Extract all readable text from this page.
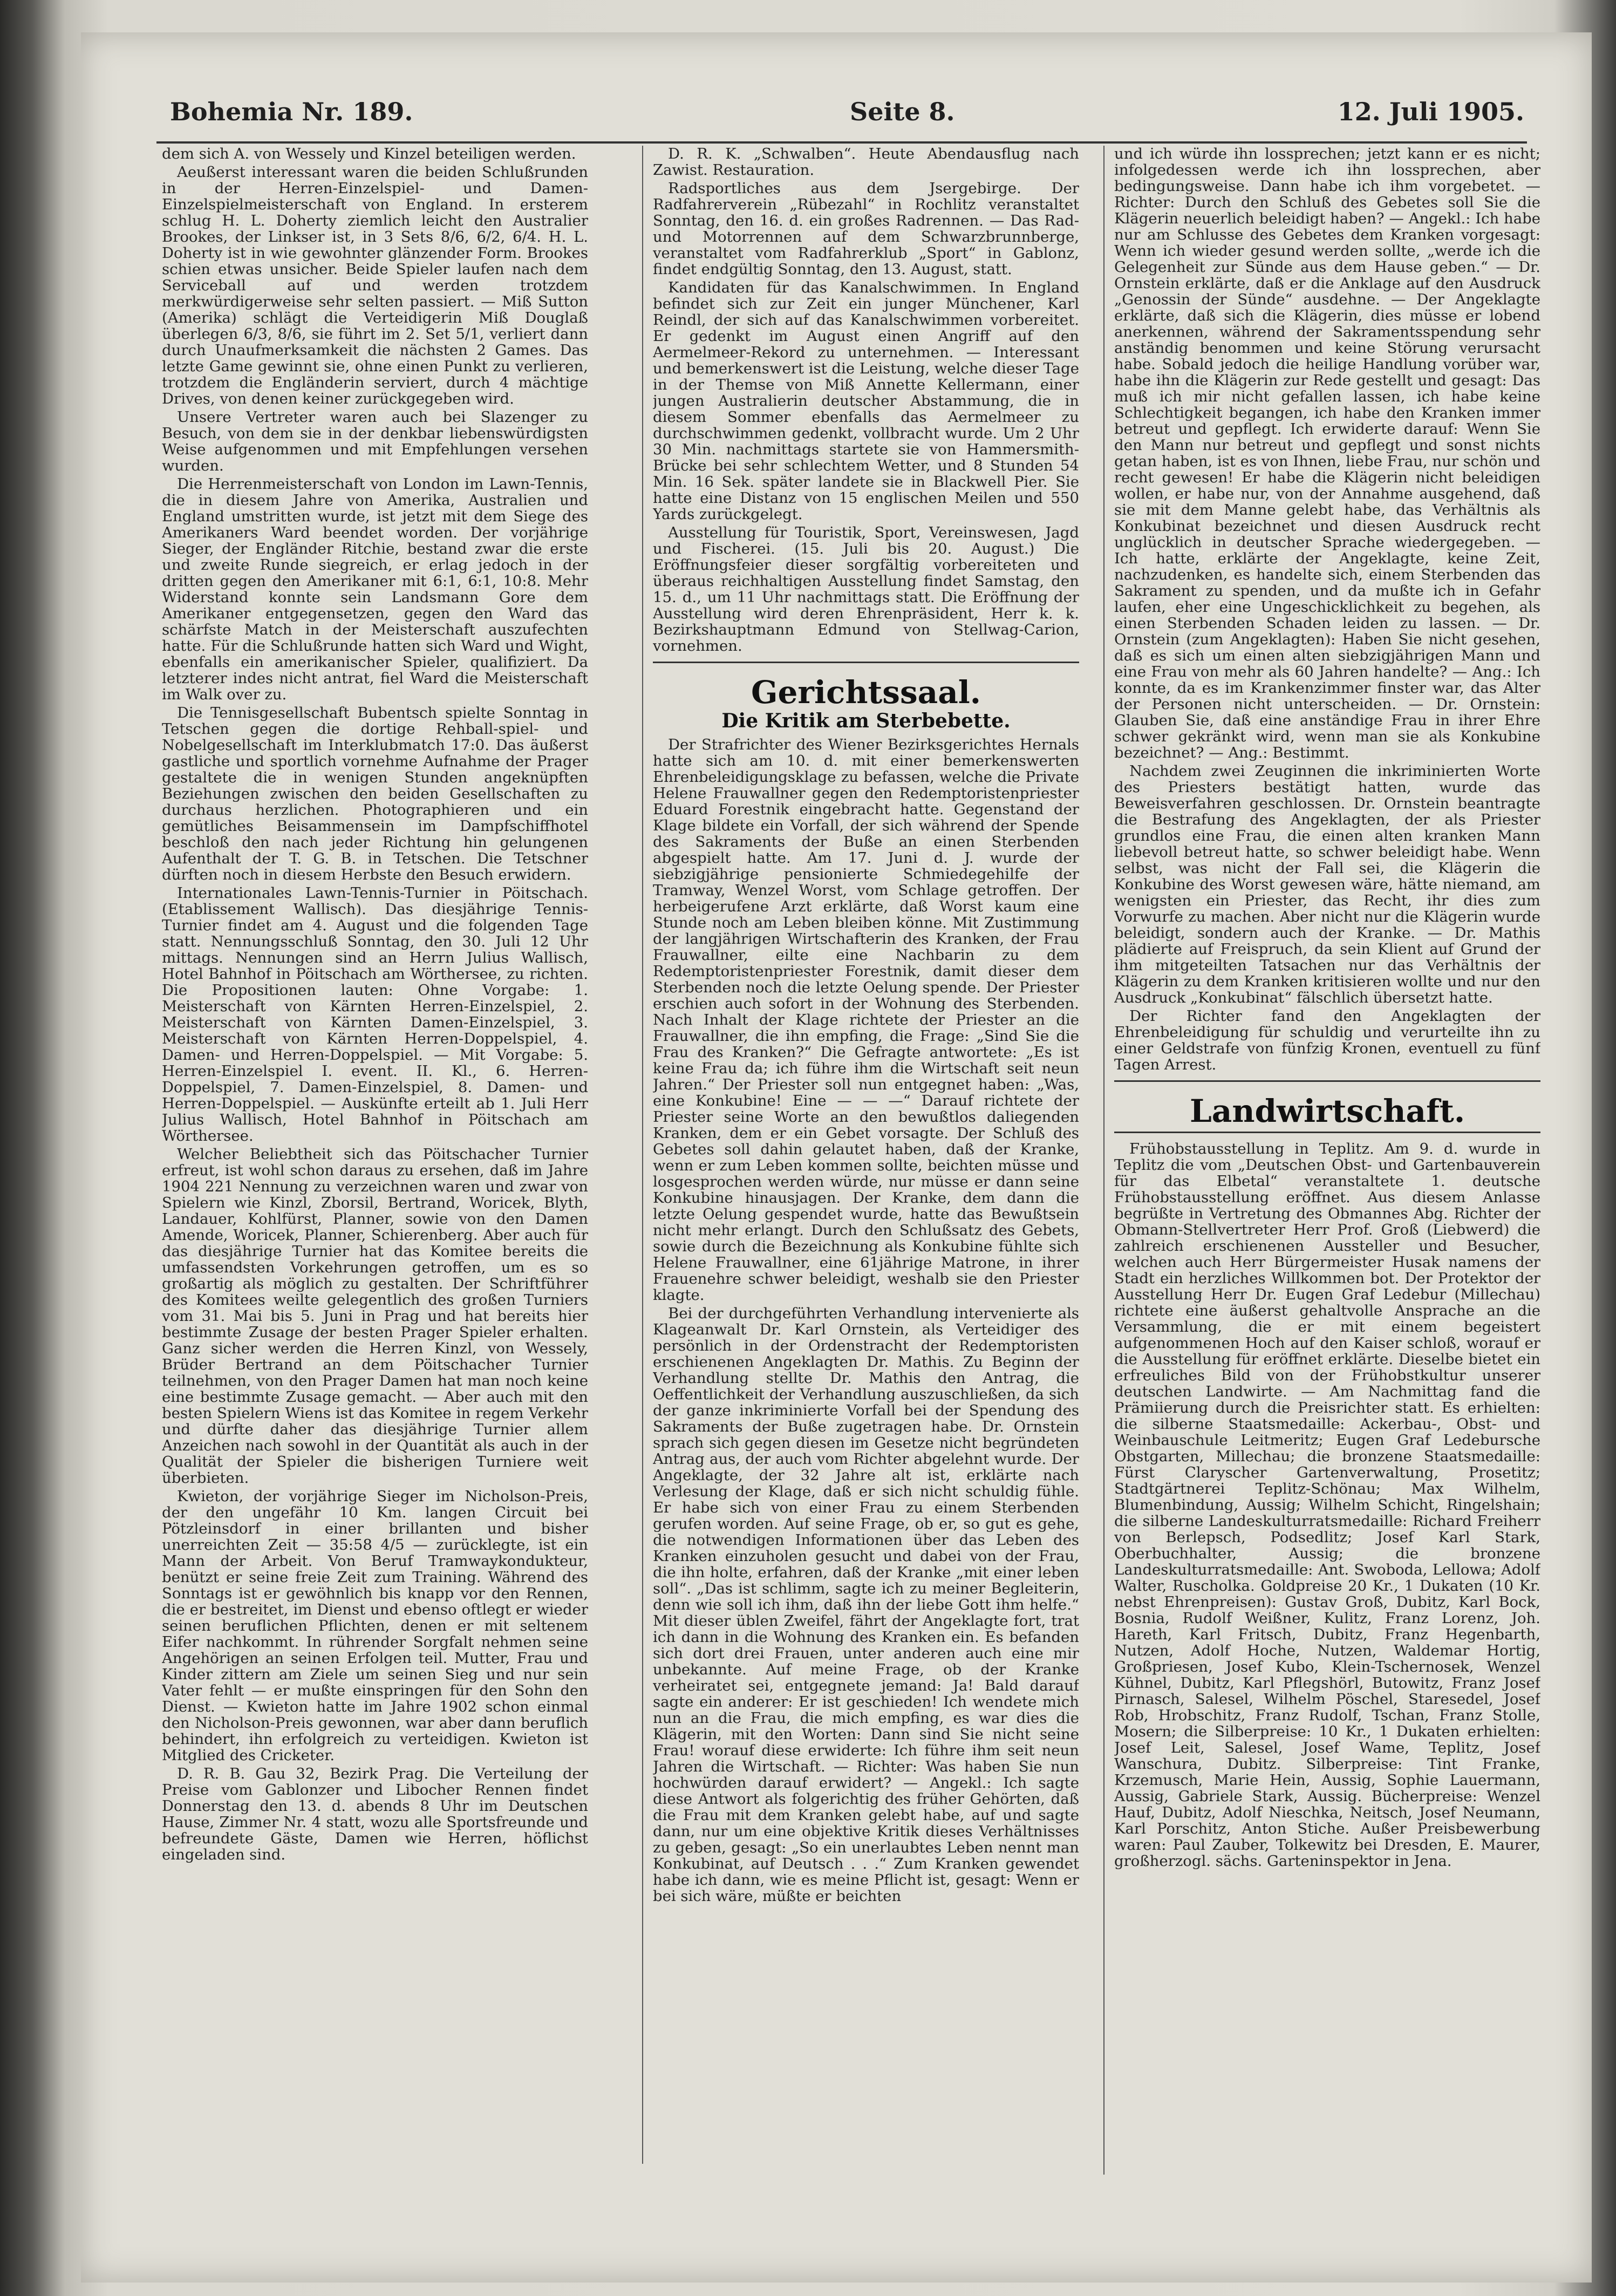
Bohemia Nr. 189.	Seite 8.	12. Juli 1905.

dem sich A. von Wessely und Kinzel beteiligen werden.

Aeußerst interessant waren die beiden Schlußrunden in der Herren-Einzelspiel- und Damen-Einzelspielmeisterschaft von England. In ersterem schlug H. L. Doherty ziemlich leicht den Australier Brookes, der Linkser ist, in 3 Sets 8/6, 6/2, 6/4. H. L. Doherty ist in wie gewohnter glänzender Form. Brookes schien etwas unsicher. Beide Spieler laufen nach dem Serviceball auf und werden trotzdem merkwürdigerweise sehr selten passiert. — Miß Sutton (Amerika) schlägt die Verteidigerin Miß Douglaß überlegen 6/3, 8/6, sie führt im 2. Set 5/1, verliert dann durch Unaufmerksamkeit die nächsten 2 Games. Das letzte Game gewinnt sie, ohne einen Punkt zu verlieren, trotzdem die Engländerin serviert, durch 4 mächtige Drives, von denen keiner zurückgegeben wird.

Unsere Vertreter waren auch bei Slazenger zu Besuch, von dem sie in der denkbar liebenswürdigsten Weise aufgenommen und mit Empfehlungen versehen wurden.

Die Herrenmeisterschaft von London im Lawn-Tennis, die in diesem Jahre von Amerika, Australien und England umstritten wurde, ist jetzt mit dem Siege des Amerikaners Ward beendet worden. Der vorjährige Sieger, der Engländer Ritchie, bestand zwar die erste und zweite Runde siegreich, er erlag jedoch in der dritten gegen den Amerikaner mit 6:1, 6:1, 10:8. Mehr Widerstand konnte sein Landsmann Gore dem Amerikaner entgegensetzen, gegen den Ward das schärfste Match in der Meisterschaft auszufechten hatte. Für die Schlußrunde hatten sich Ward und Wight, ebenfalls ein amerikanischer Spieler, qualifiziert. Da letzterer indes nicht antrat, fiel Ward die Meisterschaft im Walk over zu.

Die Tennisgesellschaft Bubentsch spielte Sonntag in Tetschen gegen die dortige Rehball-spiel- und Nobelgesellschaft im Interklubmatch 17:0. Das äußerst gastliche und sportlich vornehme Aufnahme der Prager gestaltete die in wenigen Stunden angeknüpften Beziehungen zwischen den beiden Gesellschaften zu durchaus herzlichen. Photographieren und ein gemütliches Beisammensein im Dampfschiffhotel beschloß den nach jeder Richtung hin gelungenen Aufenthalt der T. G. B. in Tetschen. Die Tetschner dürften noch in diesem Herbste den Besuch erwidern.

Internationales Lawn-Tennis-Turnier in Pöitschach. (Etablissement Wallisch). Das diesjährige Tennis-Turnier findet am 4. August und die folgenden Tage statt. Nennungsschluß Sonntag, den 30. Juli 12 Uhr mittags. Nennungen sind an Herrn Julius Wallisch, Hotel Bahnhof in Pöitschach am Wörthersee, zu richten. Die Propositionen lauten: Ohne Vorgabe: 1. Meisterschaft von Kärnten Herren-Einzelspiel, 2. Meisterschaft von Kärnten Damen-Einzelspiel, 3. Meisterschaft von Kärnten Herren-Doppelspiel, 4. Damen- und Herren-Doppelspiel. — Mit Vorgabe: 5. Herren-Einzelspiel I. event. II. Kl., 6. Herren-Doppelspiel, 7. Damen-Einzelspiel, 8. Damen- und Herren-Doppelspiel. — Auskünfte erteilt ab 1. Juli Herr Julius Wallisch, Hotel Bahnhof in Pöitschach am Wörthersee.

Welcher Beliebtheit sich das Pöitschacher Turnier erfreut, ist wohl schon daraus zu ersehen, daß im Jahre 1904 221 Nennung zu verzeichnen waren und zwar von Spielern wie Kinzl, Zborsil, Bertrand, Woricek, Blyth, Landauer, Kohlfürst, Planner, sowie von den Damen Amende, Woricek, Planner, Schierenberg. Aber auch für das diesjährige Turnier hat das Komitee bereits die umfassendsten Vorkehrungen getroffen, um es so großartig als möglich zu gestalten. Der Schriftführer des Komitees weilte gelegentlich des großen Turniers vom 31. Mai bis 5. Juni in Prag und hat bereits hier bestimmte Zusage der besten Prager Spieler erhalten. Ganz sicher werden die Herren Kinzl, von Wessely, Brüder Bertrand an dem Pöitschacher Turnier teilnehmen, von den Prager Damen hat man noch keine eine bestimmte Zusage gemacht. — Aber auch mit den besten Spielern Wiens ist das Komitee in regem Verkehr und dürfte daher das diesjährige Turnier allem Anzeichen nach sowohl in der Quantität als auch in der Qualität der Spieler die bisherigen Turniere weit überbieten.

Kwieton, der vorjährige Sieger im Nicholson-Preis, der den ungefähr 10 Km. langen Circuit bei Pötzleinsdorf in einer brillanten und bisher unerreichten Zeit — 35:58 4/5 — zurücklegte, ist ein Mann der Arbeit. Von Beruf Tramwaykondukteur, benützt er seine freie Zeit zum Training. Während des Sonntags ist er gewöhnlich bis knapp vor den Rennen, die er bestreitet, im Dienst und ebenso oftlegt er wieder seinen beruflichen Pflichten, denen er mit seltenem Eifer nachkommt. In rührender Sorgfalt nehmen seine Angehörigen an seinen Erfolgen teil. Mutter, Frau und Kinder zittern am Ziele um seinen Sieg und nur sein Vater fehlt — er mußte einspringen für den Sohn den Dienst. — Kwieton hatte im Jahre 1902 schon einmal den Nicholson-Preis gewonnen, war aber dann beruflich behindert, ihn erfolgreich zu verteidigen. Kwieton ist Mitglied des Cricketer.

D. R. B. Gau 32, Bezirk Prag. Die Verteilung der Preise vom Gablonzer und Libocher Rennen findet Donnerstag den 13. d. abends 8 Uhr im Deutschen Hause, Zimmer Nr. 4 statt, wozu alle Sportsfreunde und befreundete Gäste, Damen wie Herren, höflichst eingeladen sind.

D. R. K. „Schwalben“. Heute Abendausflug nach Zawist. Restauration.

Radsportliches aus dem Jsergebirge. Der Radfahrerverein „Rübezahl“ in Rochlitz veranstaltet Sonntag, den 16. d. ein großes Radrennen. — Das Rad- und Motorrennen auf dem Schwarzbrunnberge, veranstaltet vom Radfahrerklub „Sport“ in Gablonz, findet endgültig Sonntag, den 13. August, statt.

Kandidaten für das Kanalschwimmen. In England befindet sich zur Zeit ein junger Münchener, Karl Reindl, der sich auf das Kanalschwimmen vorbereitet. Er gedenkt im August einen Angriff auf den Aermelmeer-Rekord zu unternehmen. — Interessant und bemerkenswert ist die Leistung, welche dieser Tage in der Themse von Miß Annette Kellermann, einer jungen Australierin deutscher Abstammung, die in diesem Sommer ebenfalls das Aermelmeer zu durchschwimmen gedenkt, vollbracht wurde. Um 2 Uhr 30 Min. nachmittags startete sie von Hammersmith-Brücke bei sehr schlechtem Wetter, und 8 Stunden 54 Min. 16 Sek. später landete sie in Blackwell Pier. Sie hatte eine Distanz von 15 englischen Meilen und 550 Yards zurückgelegt.

Ausstellung für Touristik, Sport, Vereinswesen, Jagd und Fischerei. (15. Juli bis 20. August.) Die Eröffnungsfeier dieser sorgfältig vorbereiteten und überaus reichhaltigen Ausstellung findet Samstag, den 15. d., um 11 Uhr nachmittags statt. Die Eröffnung der Ausstellung wird deren Ehrenpräsident, Herr k. k. Bezirkshauptmann Edmund von Stellwag-Carion, vornehmen.

Gerichtssaal.
Die Kritik am Sterbebette.

Der Strafrichter des Wiener Bezirksgerichtes Hernals hatte sich am 10. d. mit einer bemerkenswerten Ehrenbeleidigungsklage zu befassen, welche die Private Helene Frauwallner gegen den Redemptoristenpriester Eduard Forestnik eingebracht hatte. Gegenstand der Klage bildete ein Vorfall, der sich während der Spende des Sakraments der Buße an einen Sterbenden abgespielt hatte. Am 17. Juni d. J. wurde der siebzigjährige pensionierte Schmiedegehilfe der Tramway, Wenzel Worst, vom Schlage getroffen. Der herbeigerufene Arzt erklärte, daß Worst kaum eine Stunde noch am Leben bleiben könne. Mit Zustimmung der langjährigen Wirtschafterin des Kranken, der Frau Frauwallner, eilte eine Nachbarin zu dem Redemptoristenpriester Forestnik, damit dieser dem Sterbenden noch die letzte Oelung spende. Der Priester erschien auch sofort in der Wohnung des Sterbenden. Nach Inhalt der Klage richtete der Priester an die Frauwallner, die ihn empfing, die Frage: „Sind Sie die Frau des Kranken?“ Die Gefragte antwortete: „Es ist keine Frau da; ich führe ihm die Wirtschaft seit neun Jahren.“ Der Priester soll nun entgegnet haben: „Was, eine Konkubine! Eine — — —“ Darauf richtete der Priester seine Worte an den bewußtlos daliegenden Kranken, dem er ein Gebet vorsagte. Der Schluß des Gebetes soll dahin gelautet haben, daß der Kranke, wenn er zum Leben kommen sollte, beichten müsse und losgesprochen werden würde, nur müsse er dann seine Konkubine hinausjagen. Der Kranke, dem dann die letzte Oelung gespendet wurde, hatte das Bewußtsein nicht mehr erlangt. Durch den Schlußsatz des Gebets, sowie durch die Bezeichnung als Konkubine fühlte sich Helene Frauwallner, eine 61jährige Matrone, in ihrer Frauenehre schwer beleidigt, weshalb sie den Priester klagte.

Bei der durchgeführten Verhandlung intervenierte als Klageanwalt Dr. Karl Ornstein, als Verteidiger des persönlich in der Ordenstracht der Redemptoristen erschienenen Angeklagten Dr. Mathis. Zu Beginn der Verhandlung stellte Dr. Mathis den Antrag, die Oeffentlichkeit der Verhandlung auszuschließen, da sich der ganze inkriminierte Vorfall bei der Spendung des Sakraments der Buße zugetragen habe. Dr. Ornstein sprach sich gegen diesen im Gesetze nicht begründeten Antrag aus, der auch vom Richter abgelehnt wurde. Der Angeklagte, der 32 Jahre alt ist, erklärte nach Verlesung der Klage, daß er sich nicht schuldig fühle. Er habe sich von einer Frau zu einem Sterbenden gerufen worden. Auf seine Frage, ob er, so gut es gehe, die notwendigen Informationen über das Leben des Kranken einzuholen gesucht und dabei von der Frau, die ihn holte, erfahren, daß der Kranke „mit einer leben soll“. „Das ist schlimm, sagte ich zu meiner Begleiterin, denn wie soll ich ihm, daß ihn der liebe Gott ihm helfe.“ Mit dieser üblen Zweifel, fährt der Angeklagte fort, trat ich dann in die Wohnung des Kranken ein. Es befanden sich dort drei Frauen, unter anderen auch eine mir unbekannte. Auf meine Frage, ob der Kranke verheiratet sei, entgegnete jemand: Ja! Bald darauf sagte ein anderer: Er ist geschieden! Ich wendete mich nun an die Frau, die mich empfing, es war dies die Klägerin, mit den Worten: Dann sind Sie nicht seine Frau! worauf diese erwiderte: Ich führe ihm seit neun Jahren die Wirtschaft. — Richter: Was haben Sie nun hochwürden darauf erwidert? — Angekl.: Ich sagte diese Antwort als folgerichtig des früher Gehörten, daß die Frau mit dem Kranken gelebt habe, auf und sagte dann, nur um eine objektive Kritik dieses Verhältnisses zu geben, gesagt: „So ein unerlaubtes Leben nennt man Konkubinat, auf Deutsch . . .“ Zum Kranken gewendet habe ich dann, wie es meine Pflicht ist, gesagt: Wenn er bei sich wäre, müßte er beichten

und ich würde ihn lossprechen; jetzt kann er es nicht; infolgedessen werde ich ihn lossprechen, aber bedingungsweise. Dann habe ich ihm vorgebetet. — Richter: Durch den Schluß des Gebetes soll Sie die Klägerin neuerlich beleidigt haben? — Angekl.: Ich habe nur am Schlusse des Gebetes dem Kranken vorgesagt: Wenn ich wieder gesund werden sollte, „werde ich die Gelegenheit zur Sünde aus dem Hause geben.“ — Dr. Ornstein erklärte, daß er die Anklage auf den Ausdruck „Genossin der Sünde“ ausdehne. — Der Angeklagte erklärte, daß sich die Klägerin, dies müsse er lobend anerkennen, während der Sakramentsspendung sehr anständig benommen und keine Störung verursacht habe. Sobald jedoch die heilige Handlung vorüber war, habe ihn die Klägerin zur Rede gestellt und gesagt: Das muß ich mir nicht gefallen lassen, ich habe keine Schlechtigkeit begangen, ich habe den Kranken immer betreut und gepflegt. Ich erwiderte darauf: Wenn Sie den Mann nur betreut und gepflegt und sonst nichts getan haben, ist es von Ihnen, liebe Frau, nur schön und recht gewesen! Er habe die Klägerin nicht beleidigen wollen, er habe nur, von der Annahme ausgehend, daß sie mit dem Manne gelebt habe, das Verhältnis als Konkubinat bezeichnet und diesen Ausdruck recht unglücklich in deutscher Sprache wiedergegeben. — Ich hatte, erklärte der Angeklagte, keine Zeit, nachzudenken, es handelte sich, einem Sterbenden das Sakrament zu spenden, und da mußte ich in Gefahr laufen, eher eine Ungeschicklichkeit zu begehen, als einen Sterbenden Schaden leiden zu lassen. — Dr. Ornstein (zum Angeklagten): Haben Sie nicht gesehen, daß es sich um einen alten siebzigjährigen Mann und eine Frau von mehr als 60 Jahren handelte? — Ang.: Ich konnte, da es im Krankenzimmer finster war, das Alter der Personen nicht unterscheiden. — Dr. Ornstein: Glauben Sie, daß eine anständige Frau in ihrer Ehre schwer gekränkt wird, wenn man sie als Konkubine bezeichnet? — Ang.: Bestimmt.

Nachdem zwei Zeuginnen die inkriminierten Worte des Priesters bestätigt hatten, wurde das Beweisverfahren geschlossen. Dr. Ornstein beantragte die Bestrafung des Angeklagten, der als Priester grundlos eine Frau, die einen alten kranken Mann liebevoll betreut hatte, so schwer beleidigt habe. Wenn selbst, was nicht der Fall sei, die Klägerin die Konkubine des Worst gewesen wäre, hätte niemand, am wenigsten ein Priester, das Recht, ihr dies zum Vorwurfe zu machen. Aber nicht nur die Klägerin wurde beleidigt, sondern auch der Kranke. — Dr. Mathis plädierte auf Freispruch, da sein Klient auf Grund der ihm mitgeteilten Tatsachen nur das Verhältnis der Klägerin zu dem Kranken kritisieren wollte und nur den Ausdruck „Konkubinat“ fälschlich übersetzt hatte.

Der Richter fand den Angeklagten der Ehrenbeleidigung für schuldig und verurteilte ihn zu einer Geldstrafe von fünfzig Kronen, eventuell zu fünf Tagen Arrest.

Landwirtschaft.

Frühobstausstellung in Teplitz. Am 9. d. wurde in Teplitz die vom „Deutschen Obst- und Gartenbauverein für das Elbetal“ veranstaltete 1. deutsche Frühobstausstellung eröffnet. Aus diesem Anlasse begrüßte in Vertretung des Obmannes Abg. Richter der Obmann-Stellvertreter Herr Prof. Groß (Liebwerd) die zahlreich erschienenen Aussteller und Besucher, welchen auch Herr Bürgermeister Husak namens der Stadt ein herzliches Willkommen bot. Der Protektor der Ausstellung Herr Dr. Eugen Graf Ledebur (Millechau) richtete eine äußerst gehaltvolle Ansprache an die Versammlung, die er mit einem begeistert aufgenommenen Hoch auf den Kaiser schloß, worauf er die Ausstellung für eröffnet erklärte. Dieselbe bietet ein erfreuliches Bild von der Frühobstkultur unserer deutschen Landwirte. — Am Nachmittag fand die Prämiierung durch die Preisrichter statt. Es erhielten: die silberne Staatsmedaille: Ackerbau-, Obst- und Weinbauschule Leitmeritz; Eugen Graf Ledebursche Obstgarten, Millechau; die bronzene Staatsmedaille: Fürst Claryscher Gartenverwaltung, Prosetitz; Stadtgärtnerei Teplitz-Schönau; Max Wilhelm, Blumenbindung, Aussig; Wilhelm Schicht, Ringelshain; die silberne Landeskulturratsmedaille: Richard Freiherr von Berlepsch, Podsedlitz; Josef Karl Stark, Oberbuchhalter, Aussig; die bronzene Landeskulturratsmedaille: Ant. Swoboda, Lellowa; Adolf Walter, Ruscholka. Goldpreise 20 Kr., 1 Dukaten (10 Kr. nebst Ehrenpreisen): Gustav Groß, Dubitz, Karl Bock, Bosnia, Rudolf Weißner, Kulitz, Franz Lorenz, Joh. Hareth, Karl Fritsch, Dubitz, Franz Hegenbarth, Nutzen, Adolf Hoche, Nutzen, Waldemar Hortig, Großpriesen, Josef Kubo, Klein-Tschernosek, Wenzel Kühnel, Dubitz, Karl Pflegshörl, Butowitz, Franz Josef Pirnasch, Salesel, Wilhelm Pöschel, Staresedel, Josef Rob, Hrobschitz, Franz Rudolf, Tschan, Franz Stolle, Mosern; die Silberpreise: 10 Kr., 1 Dukaten erhielten: Josef Leit, Salesel, Josef Wame, Teplitz, Josef Wanschura, Dubitz. Silberpreise: Tint Franke, Krzemusch, Marie Hein, Aussig, Sophie Lauermann, Aussig, Gabriele Stark, Aussig. Bücherpreise: Wenzel Hauf, Dubitz, Adolf Nieschka, Neitsch, Josef Neumann, Karl Porschitz, Anton Stiche. Außer Preisbewerbung waren: Paul Zauber, Tolkewitz bei Dresden, E. Maurer, großherzogl. sächs. Garteninspektor in Jena.
